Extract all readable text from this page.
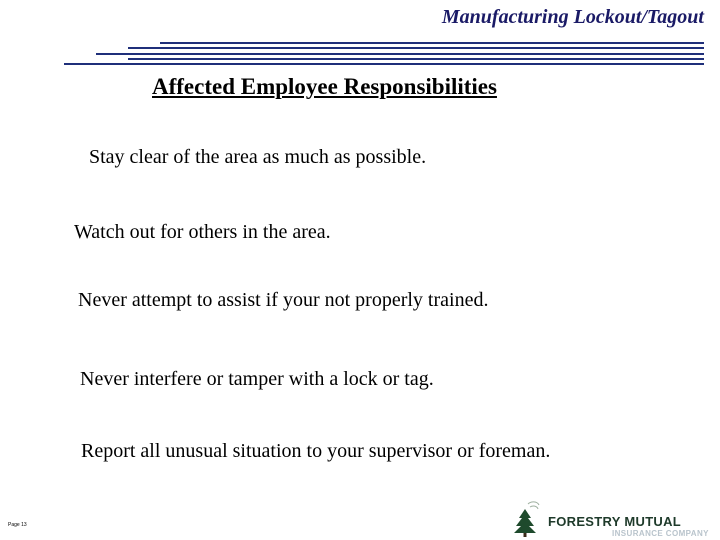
Manufacturing Lockout/Tagout
Affected Employee Responsibilities
Stay clear of the area as much as possible.
Watch out for others in the area.
Never attempt to assist if your not properly trained.
Never interfere or tamper with a lock or tag.
Report all unusual situation to your supervisor or foreman.
Page 13	FORESTRY MUTUAL
INSURANCE COMPANY
